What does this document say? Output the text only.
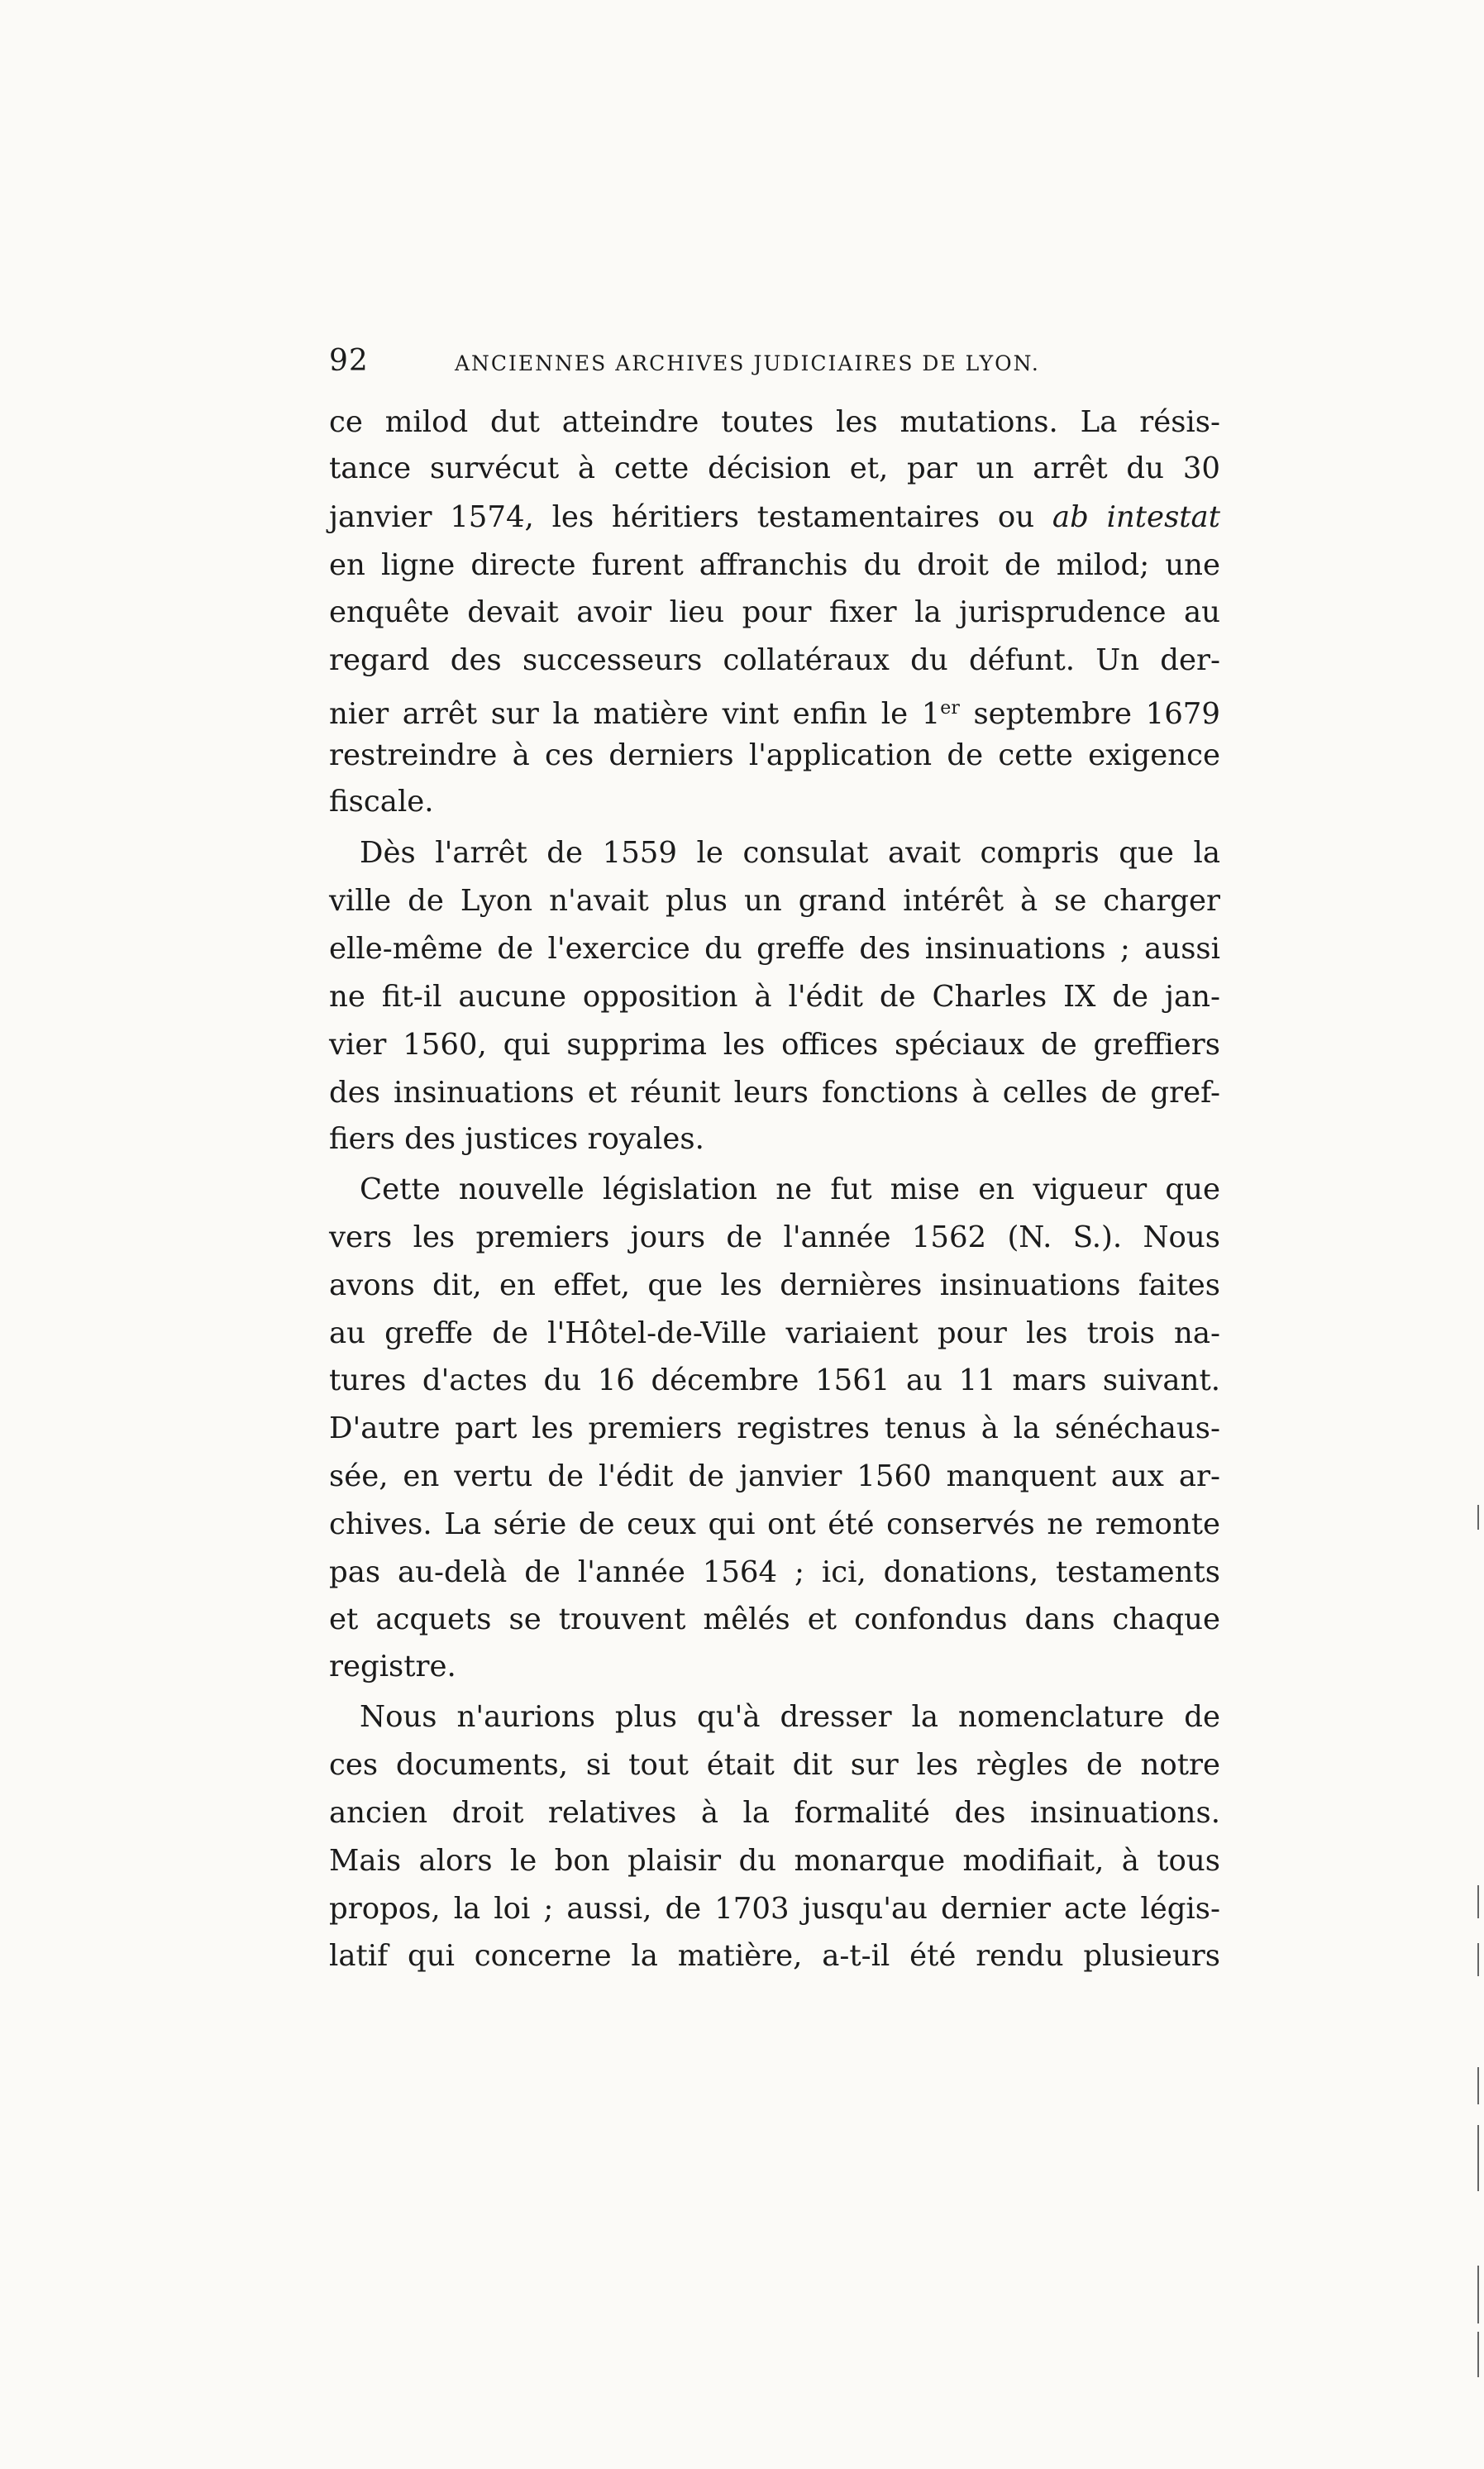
92	ANCIENNES ARCHIVES JUDICIAIRES DE LYON.
ce milod dut atteindre toutes les mutations. La résis-
tance survécut à cette décision et, par un arrêt du 30
janvier 1574, les héritiers testamentaires ou ab intestat
en ligne directe furent affranchis du droit de milod; une
enquête devait avoir lieu pour fixer la jurisprudence au
regard des successeurs collatéraux du défunt. Un der-
nier arrêt sur la matière vint enfin le 1er septembre 1679
restreindre à ces derniers l'application de cette exigence
fiscale.
Dès l'arrêt de 1559 le consulat avait compris que la
ville de Lyon n'avait plus un grand intérêt à se charger
elle-même de l'exercice du greffe des insinuations ; aussi
ne fit-il aucune opposition à l'édit de Charles IX de jan-
vier 1560, qui supprima les offices spéciaux de greffiers
des insinuations et réunit leurs fonctions à celles de gref-
fiers des justices royales.
Cette nouvelle législation ne fut mise en vigueur que
vers les premiers jours de l'année 1562 (N. S.). Nous
avons dit, en effet, que les dernières insinuations faites
au greffe de l'Hôtel-de-Ville variaient pour les trois na-
tures d'actes du 16 décembre 1561 au 11 mars suivant.
D'autre part les premiers registres tenus à la sénéchaus-
sée, en vertu de l'édit de janvier 1560 manquent aux ar-
chives. La série de ceux qui ont été conservés ne remonte
pas au-delà de l'année 1564 ; ici, donations, testaments
et acquets se trouvent mêlés et confondus dans chaque
registre.
Nous n'aurions plus qu'à dresser la nomenclature de
ces documents, si tout était dit sur les règles de notre
ancien droit relatives à la formalité des insinuations.
Mais alors le bon plaisir du monarque modifiait, à tous
propos, la loi ; aussi, de 1703 jusqu'au dernier acte légis-
latif qui concerne la matière, a-t-il été rendu plusieurs
